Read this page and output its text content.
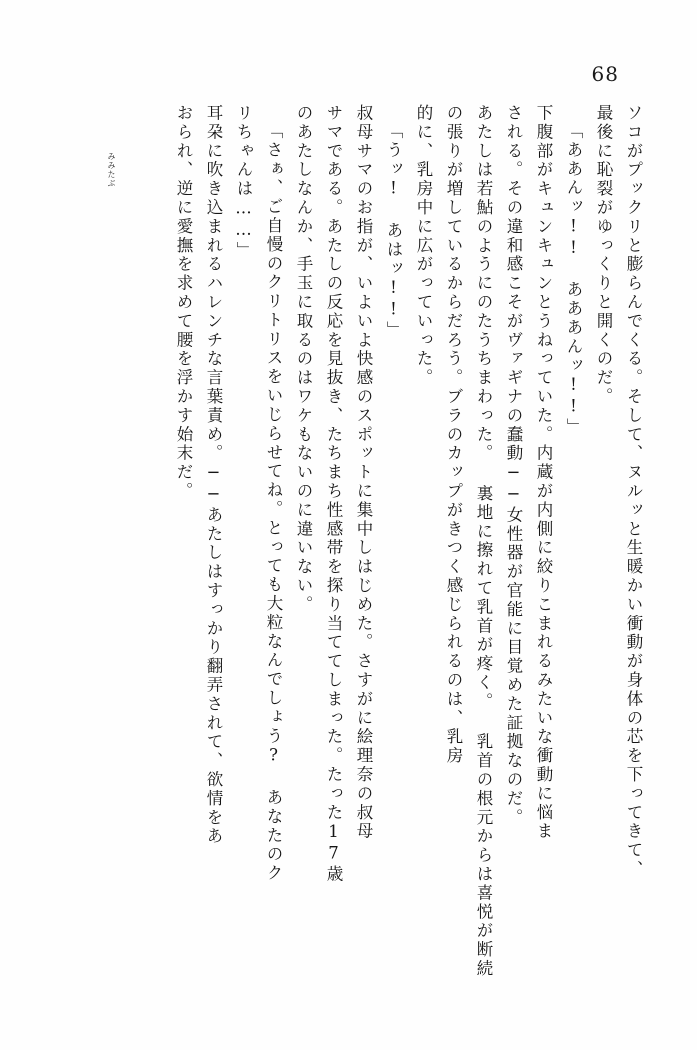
68
ソコがプックリと膨らんでくる。そして、ヌルッと生暖かい衝動が身体の芯を下ってきて、
最後に恥裂がゆっくりと開くのだ。
「ああんッ!! あああんッ!!」
下腹部がキュンキュンとうねっていた。内蔵が内側に絞りこまれるみたいな衝動に悩ま
される。その違和感こそがヴァギナの蠢動──女性器が官能に目覚めた証拠なのだ。
あたしは若鮎のようにのたうちまわった。 裏地に擦れて乳首が疼く。 乳首の根元からは喜悦が断続
の張りが増しているからだろう。ブラのカップがきつく感じられるのは、乳房
的に、乳房中に広がっていった。
「うッ! あはッ!!」
叔母サマのお指が、いよいよ快感のスポットに集中しはじめた。さすがに絵理奈の叔母
サマである。あたしの反応を見抜き、たちまち性感帯を探り当ててしまった。たった17歳
のあたしなんか、手玉に取るのはワケもないのに違いない。
「さぁ、ご自慢のクリトリスをいじらせてね。とっても大粒なんでしょう? あなたのク
リちゃんは……」
耳朶に吹き込まれるハレンチな言葉責め。──あたしはすっかり翻弄されて、欲情をあ
おられ、逆に愛撫を求めて腰を浮かす始末だ。
みみたぶ
